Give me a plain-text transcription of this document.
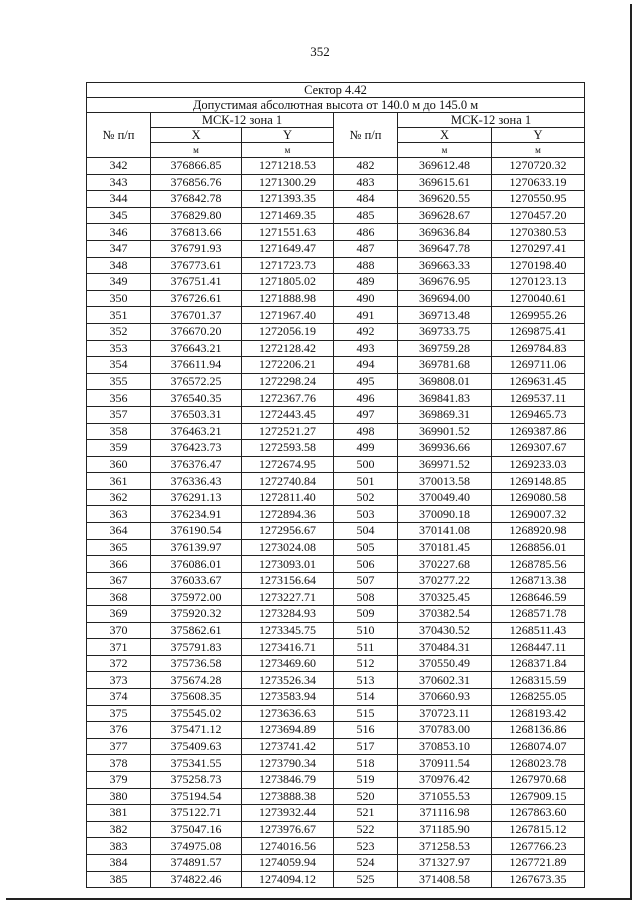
352
Сектор 4.42					
Допустимая абсолютная высота от 140.0 м до 145.0 м					
№ п/п	МСК-12 зона 1		№ п/п	МСК-12 зона 1	
	X	Y		X	Y
	м	м		м	м
342	376866.85	1271218.53	482	369612.48	1270720.32
343	376856.76	1271300.29	483	369615.61	1270633.19
344	376842.78	1271393.35	484	369620.55	1270550.95
345	376829.80	1271469.35	485	369628.67	1270457.20
346	376813.66	1271551.63	486	369636.84	1270380.53
347	376791.93	1271649.47	487	369647.78	1270297.41
348	376773.61	1271723.73	488	369663.33	1270198.40
349	376751.41	1271805.02	489	369676.95	1270123.13
350	376726.61	1271888.98	490	369694.00	1270040.61
351	376701.37	1271967.40	491	369713.48	1269955.26
352	376670.20	1272056.19	492	369733.75	1269875.41
353	376643.21	1272128.42	493	369759.28	1269784.83
354	376611.94	1272206.21	494	369781.68	1269711.06
355	376572.25	1272298.24	495	369808.01	1269631.45
356	376540.35	1272367.76	496	369841.83	1269537.11
357	376503.31	1272443.45	497	369869.31	1269465.73
358	376463.21	1272521.27	498	369901.52	1269387.86
359	376423.73	1272593.58	499	369936.66	1269307.67
360	376376.47	1272674.95	500	369971.52	1269233.03
361	376336.43	1272740.84	501	370013.58	1269148.85
362	376291.13	1272811.40	502	370049.40	1269080.58
363	376234.91	1272894.36	503	370090.18	1269007.32
364	376190.54	1272956.67	504	370141.08	1268920.98
365	376139.97	1273024.08	505	370181.45	1268856.01
366	376086.01	1273093.01	506	370227.68	1268785.56
367	376033.67	1273156.64	507	370277.22	1268713.38
368	375972.00	1273227.71	508	370325.45	1268646.59
369	375920.32	1273284.93	509	370382.54	1268571.78
370	375862.61	1273345.75	510	370430.52	1268511.43
371	375791.83	1273416.71	511	370484.31	1268447.11
372	375736.58	1273469.60	512	370550.49	1268371.84
373	375674.28	1273526.34	513	370602.31	1268315.59
374	375608.35	1273583.94	514	370660.93	1268255.05
375	375545.02	1273636.63	515	370723.11	1268193.42
376	375471.12	1273694.89	516	370783.00	1268136.86
377	375409.63	1273741.42	517	370853.10	1268074.07
378	375341.55	1273790.34	518	370911.54	1268023.78
379	375258.73	1273846.79	519	370976.42	1267970.68
380	375194.54	1273888.38	520	371055.53	1267909.15
381	375122.71	1273932.44	521	371116.98	1267863.60
382	375047.16	1273976.67	522	371185.90	1267815.12
383	374975.08	1274016.56	523	371258.53	1267766.23
384	374891.57	1274059.94	524	371327.97	1267721.89
385	374822.46	1274094.12	525	371408.58	1267673.35
